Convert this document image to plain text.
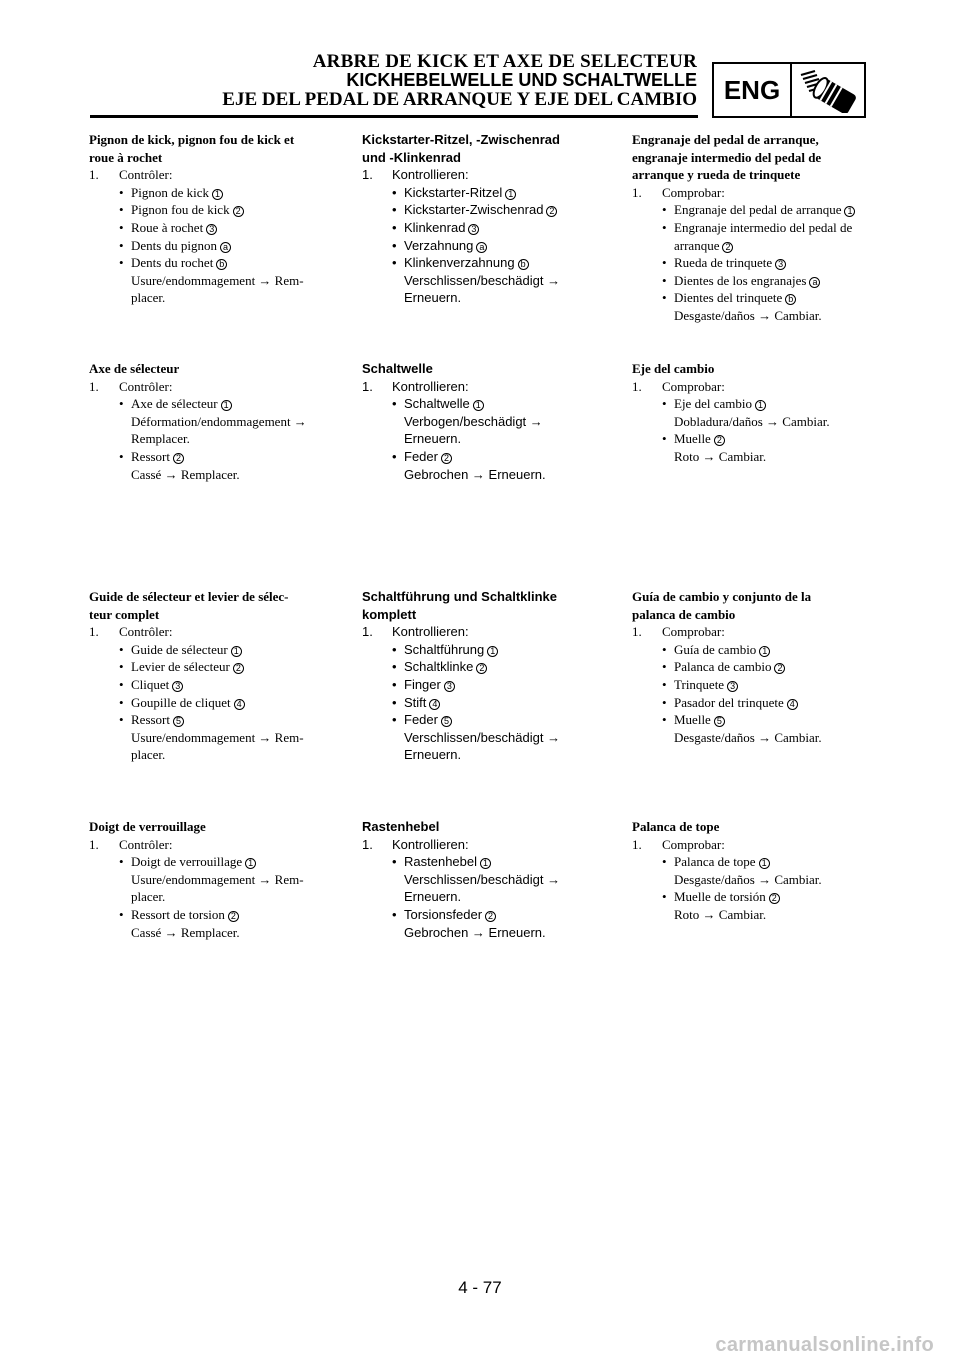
ARBRE DE KICK ET AXE DE SELECTEUR
KICKHEBELWELLE UND SCHALTWELLE
EJE DEL PEDAL DE ARRANQUE Y EJE DEL CAMBIO	ENG
Pignon de kick, pignon fou de kick et
roue à rochet
1.	Contrôler:
• Pignon de kick 1
• Pignon fou de kick 2
• Roue à rochet 3
• Dents du pignon a
• Dents du rochet b
Usure/endommagement → Rem-
placer.
Axe de sélecteur
1.	Contrôler:
• Axe de sélecteur 1
Déformation/endommagement →
Remplacer.
• Ressort 2
Cassé → Remplacer.
Guide de sélecteur et levier de sélec-
teur complet
1.	Contrôler:
• Guide de sélecteur 1
• Levier de sélecteur 2
• Cliquet 3
• Goupille de cliquet 4
• Ressort 5
Usure/endommagement → Rem-
placer.
Doigt de verrouillage
1.	Contrôler:
• Doigt de verrouillage 1
Usure/endommagement → Rem-
placer.
• Ressort de torsion 2
Cassé → Remplacer.
Kickstarter-Ritzel, -Zwischenrad
und -Klinkenrad
1.	Kontrollieren:
• Kickstarter-Ritzel 1
• Kickstarter-Zwischenrad 2
• Klinkenrad 3
• Verzahnung a
• Klinkenverzahnung b
Verschlissen/beschädigt →
Erneuern.
Schaltwelle
1.	Kontrollieren:
• Schaltwelle 1
Verbogen/beschädigt →
Erneuern.
• Feder 2
Gebrochen → Erneuern.
Schaltführung und Schaltklinke
komplett
1.	Kontrollieren:
• Schaltführung 1
• Schaltklinke 2
• Finger 3
• Stift 4
• Feder 5
Verschlissen/beschädigt →
Erneuern.
Rastenhebel
1.	Kontrollieren:
• Rastenhebel 1
Verschlissen/beschädigt →
Erneuern.
• Torsionsfeder 2
Gebrochen → Erneuern.
Engranaje del pedal de arranque,
engranaje intermedio del pedal de
arranque y rueda de trinquete
1.	Comprobar:
• Engranaje del pedal de arranque 1
• Engranaje intermedio del pedal de arranque 2
• Rueda de trinquete 3
• Dientes de los engranajes a
• Dientes del trinquete b
Desgaste/daños → Cambiar.
Eje del cambio
1.	Comprobar:
• Eje del cambio 1
Dobladura/daños → Cambiar.
• Muelle 2
Roto → Cambiar.
Guía de cambio y conjunto de la
palanca de cambio
1.	Comprobar:
• Guía de cambio 1
• Palanca de cambio 2
• Trinquete 3
• Pasador del trinquete 4
• Muelle 5
Desgaste/daños → Cambiar.
Palanca de tope
1.	Comprobar:
• Palanca de tope 1
Desgaste/daños → Cambiar.
• Muelle de torsión 2
Roto → Cambiar.
4 - 77
carmanualsonline.info
